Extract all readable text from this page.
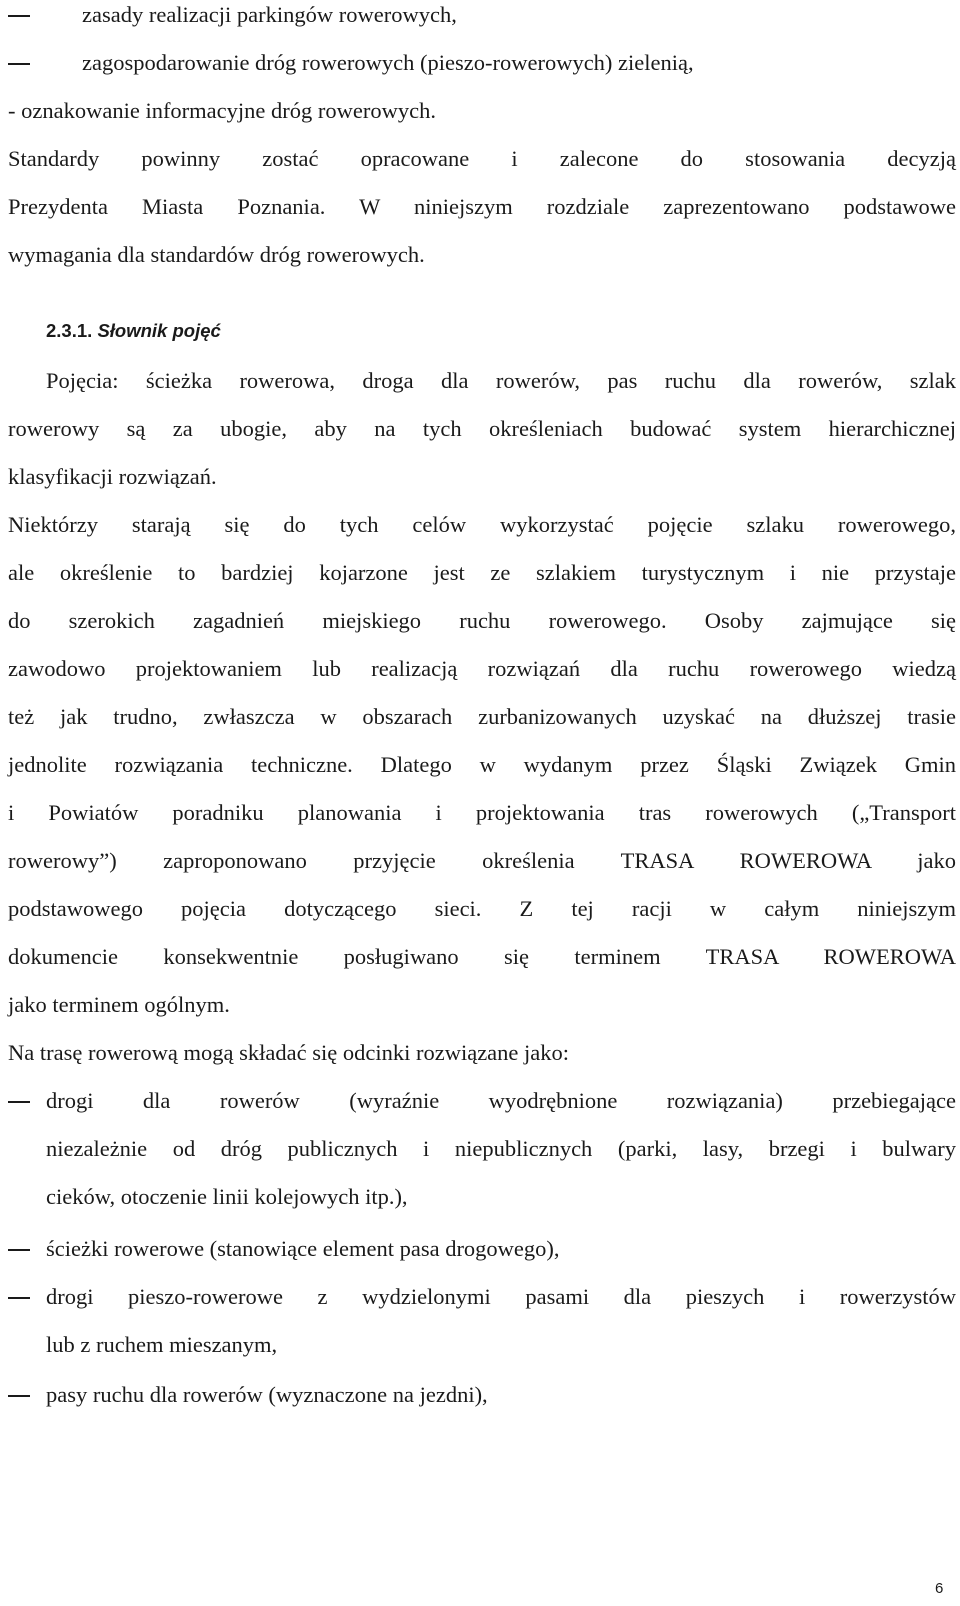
zasady realizacji parkingów rowerowych,
zagospodarowanie dróg rowerowych (pieszo-rowerowych) zielenią,
- oznakowanie informacyjne dróg rowerowych.
Standardy powinny zostać opracowane i zalecone do stosowania decyzją
Prezydenta Miasta Poznania. W niniejszym rozdziale zaprezentowano podstawowe
wymagania dla standardów dróg rowerowych.
2.3.1. Słownik pojęć
Pojęcia: ścieżka rowerowa, droga dla rowerów, pas ruchu dla rowerów, szlak
rowerowy są za ubogie, aby na tych określeniach budować system hierarchicznej
klasyfikacji rozwiązań.
Niektórzy starają się do tych celów wykorzystać pojęcie szlaku rowerowego,
ale określenie to bardziej kojarzone jest ze szlakiem turystycznym i nie przystaje
do szerokich zagadnień miejskiego ruchu rowerowego. Osoby zajmujące się
zawodowo projektowaniem lub realizacją rozwiązań dla ruchu rowerowego wiedzą
też jak trudno, zwłaszcza w obszarach zurbanizowanych uzyskać na dłuższej trasie
jednolite rozwiązania techniczne. Dlatego w wydanym przez Śląski Związek Gmin
i Powiatów poradniku planowania i projektowania tras rowerowych („Transport
rowerowy”) zaproponowano przyjęcie określenia TRASA ROWEROWA jako
podstawowego pojęcia dotyczącego sieci. Z tej racji w całym niniejszym
dokumencie konsekwentnie posługiwano się terminem TRASA ROWEROWA
jako terminem ogólnym.
Na trasę rowerową mogą składać się odcinki rozwiązane jako:
drogi dla rowerów (wyraźnie wyodrębnione rozwiązania) przebiegające
niezależnie od dróg publicznych i niepublicznych (parki, lasy, brzegi i bulwary
cieków, otoczenie linii kolejowych itp.),
ścieżki rowerowe (stanowiące element pasa drogowego),
drogi pieszo-rowerowe z wydzielonymi pasami dla pieszych i rowerzystów
lub z ruchem mieszanym,
pasy ruchu dla rowerów (wyznaczone na jezdni),
6
